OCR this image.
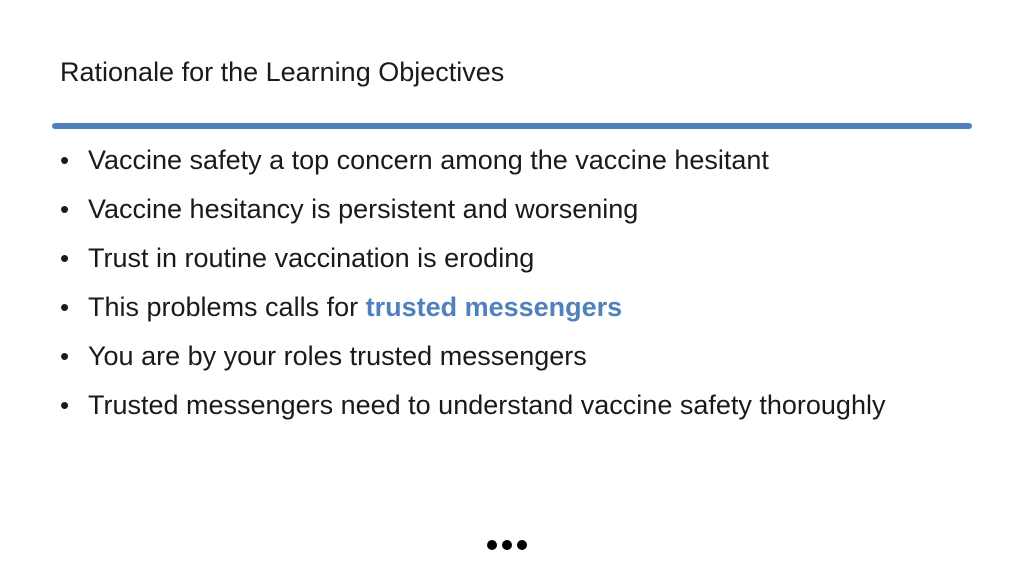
Rationale for the Learning Objectives
• Vaccine safety a top concern among the vaccine hesitant
• Vaccine hesitancy is persistent and worsening
• Trust in routine vaccination is eroding
• This problems calls for trusted messengers
• You are by your roles trusted messengers
• Trusted messengers need to understand vaccine safety thoroughly
